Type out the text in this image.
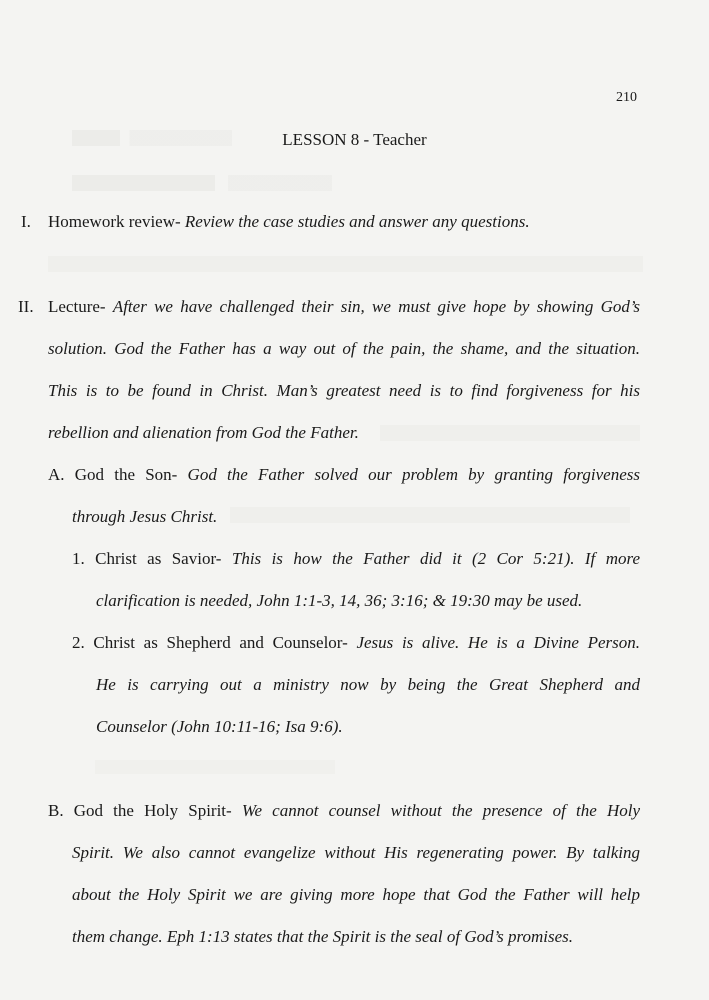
210
LESSON 8 - Teacher
I. Homework review- Review the case studies and answer any questions.
II. Lecture- After we have challenged their sin, we must give hope by showing God’s
solution. God the Father has a way out of the pain, the shame, and the situation.
This is to be found in Christ. Man’s greatest need is to find forgiveness for his
rebellion and alienation from God the Father.
A. God the Son- God the Father solved our problem by granting forgiveness
through Jesus Christ.
1. Christ as Savior- This is how the Father did it (2 Cor 5:21). If more
clarification is needed, John 1:1-3, 14, 36; 3:16; & 19:30 may be used.
2. Christ as Shepherd and Counselor- Jesus is alive. He is a Divine Person.
He is carrying out a ministry now by being the Great Shepherd and
Counselor (John 10:11-16; Isa 9:6).
B. God the Holy Spirit- We cannot counsel without the presence of the Holy
Spirit. We also cannot evangelize without His regenerating power. By talking
about the Holy Spirit we are giving more hope that God the Father will help
them change. Eph 1:13 states that the Spirit is the seal of God’s promises.
